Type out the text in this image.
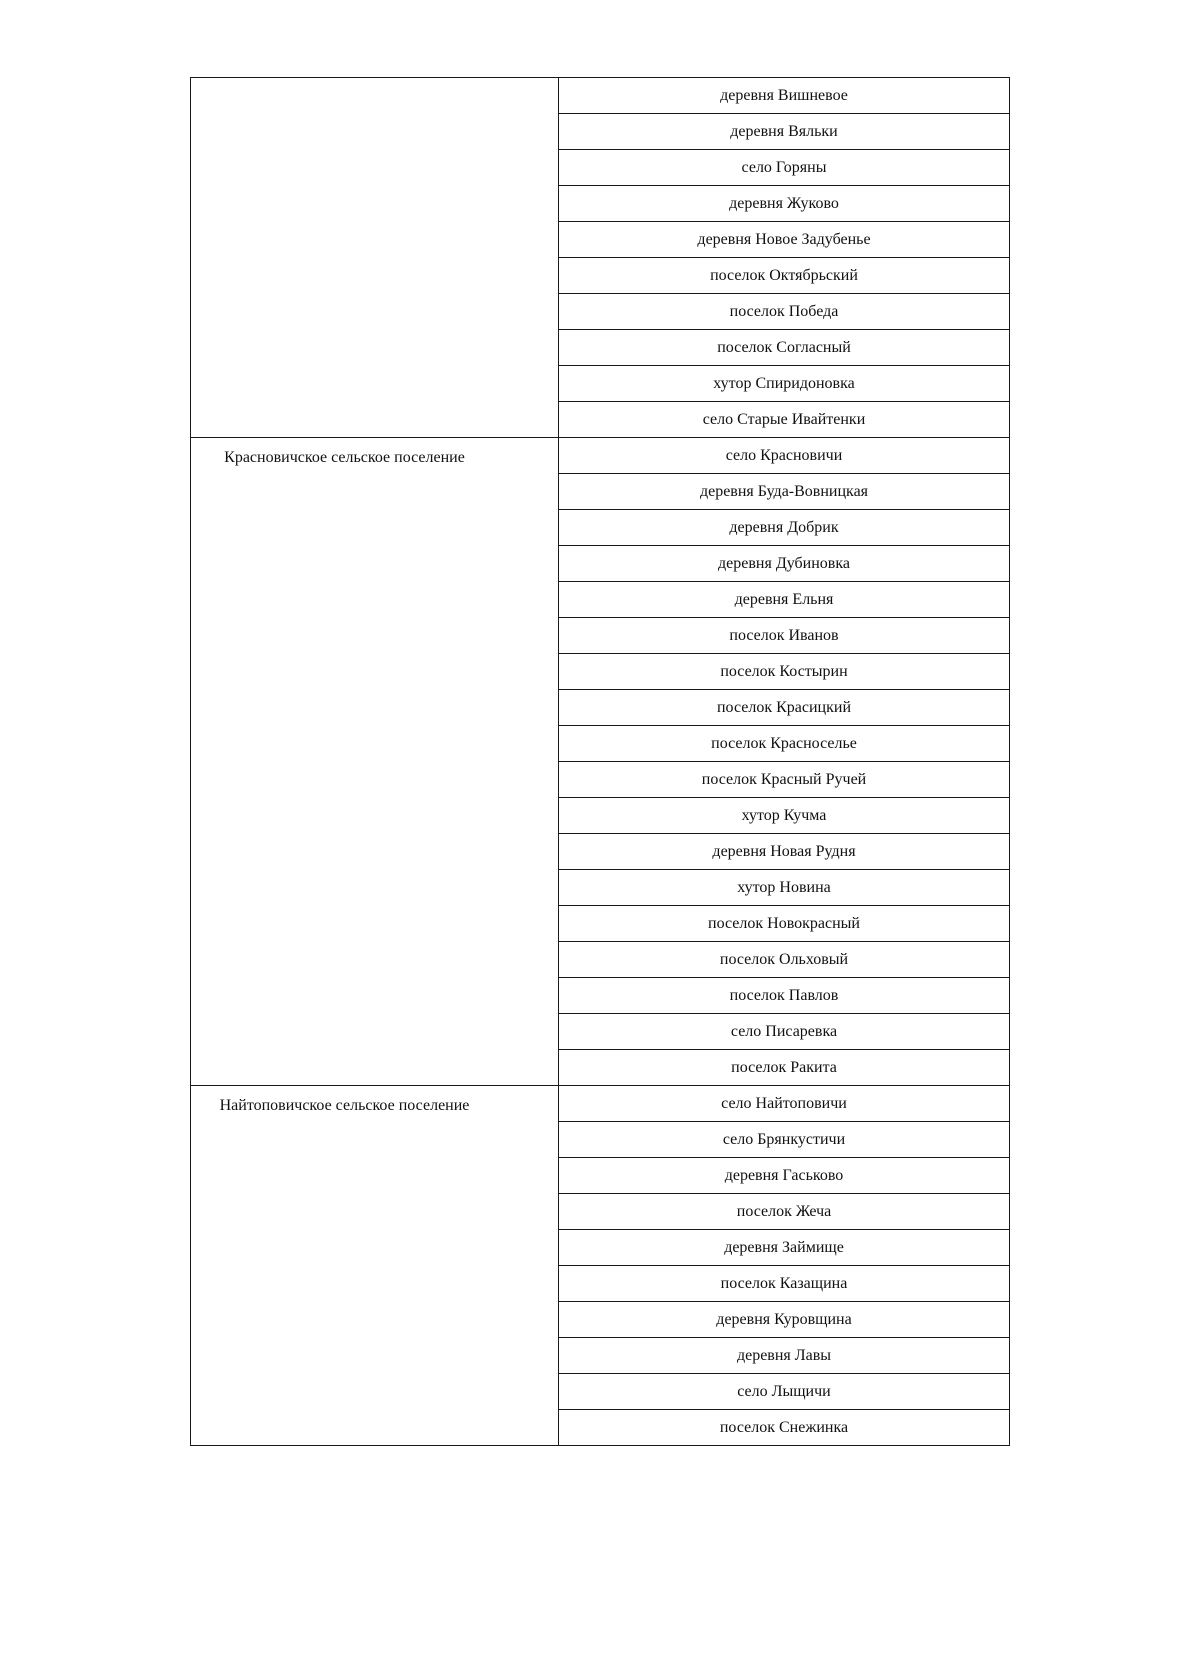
	деревня Вишневое
	деревня Вяльки
	село Горяны
	деревня Жуково
	деревня Новое Задубенье
	поселок Октябрьский
	поселок Победа
	поселок Согласный
	хутор Спиридоновка
	село Старые Ивайтенки
Красновичское сельское поселение	село Красновичи
	деревня Буда-Вовницкая
	деревня Добрик
	деревня Дубиновка
	деревня Ельня
	поселок Иванов
	поселок Костырин
	поселок Красицкий
	поселок Красноселье
	поселок Красный Ручей
	хутор Кучма
	деревня Новая Рудня
	хутор Новина
	поселок Новокрасный
	поселок Ольховый
	поселок Павлов
	село Писаревка
	поселок Ракита
Найтоповичское сельское поселение	село Найтоповичи
	село Брянкустичи
	деревня Гаськово
	поселок Жеча
	деревня Займище
	поселок Казащина
	деревня Куровщина
	деревня Лавы
	село Лыщичи
	поселок Снежинка
